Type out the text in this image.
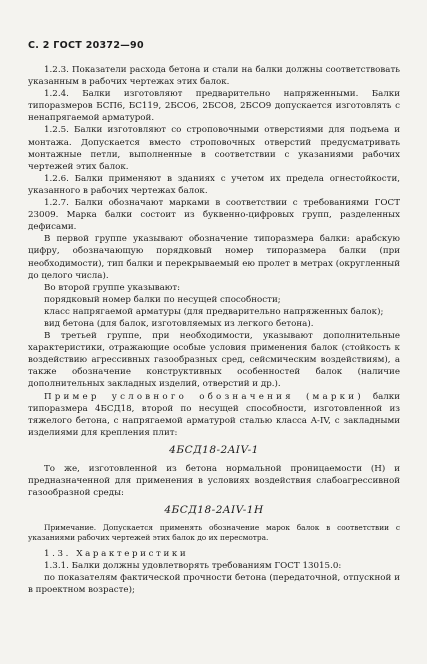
С. 2 ГОСТ 20372—90

1.2.3. Показатели расхода бетона и стали на балки должны соответствовать указанным в рабочих чертежах этих балок.

1.2.4. Балки изготовляют предварительно напряженными. Балки типоразмеров БСП6, БС119, 2БСО6, 2БСО8, 2БСО9 допускается изготовлять с ненапрягаемой арматурой.

1.2.5. Балки изготовляют со строповочными отверстиями для подъема и монтажа. Допускается вместо строповочных отверстий предусматривать монтажные петли, выполненные в соответствии с указаниями рабочих чертежей этих балок.

1.2.6. Балки применяют в зданиях с учетом их предела огнестойкости, указанного в рабочих чертежах балок.

1.2.7. Балки обозначают марками в соответствии с требованиями ГОСТ 23009. Марка балки состоит из буквенно-цифровых групп, разделенных дефисами.

В первой группе указывают обозначение типоразмера балки: арабскую цифру, обозначающую порядковый номер типоразмера балки (при необходимости), тип балки и перекрываемый ею пролет в метрах (округленный до целого числа).

Во второй группе указывают:

порядковый номер балки по несущей способности;

класс напрягаемой арматуры (для предварительно напряженных балок);

вид бетона (для балок, изготовляемых из легкого бетона).

В третьей группе, при необходимости, указывают дополнительные характеристики, отражающие особые условия применения балок (стойкость к воздействию агрессивных газообразных сред, сейсмическим воздействиям), а также обозначение конструктивных особенностей балок (наличие дополнительных закладных изделий, отверстий и др.).

Пример условного обозначения (марки) балки типоразмера 4БСД18, второй по несущей способности, изготовленной из тяжелого бетона, с напрягаемой арматурой сталью класса A-IV, с закладными изделиями для крепления плит:

4БСД18-2AIV-1

То же, изготовленной из бетона нормальной проницаемости (Н) и предназначенной для применения в условиях воздействия слабоагрессивной газообразной среды:

4БСД18-2AIV-1Н

Примечание. Допускается применять обозначение марок балок в соответствии с указаниями рабочих чертежей этих балок до их пересмотра.

1.3. Характеристики

1.3.1. Балки должны удовлетворять требованиям ГОСТ 13015.0:

по показателям фактической прочности бетона (передаточной, отпускной и в проектном возрасте);
